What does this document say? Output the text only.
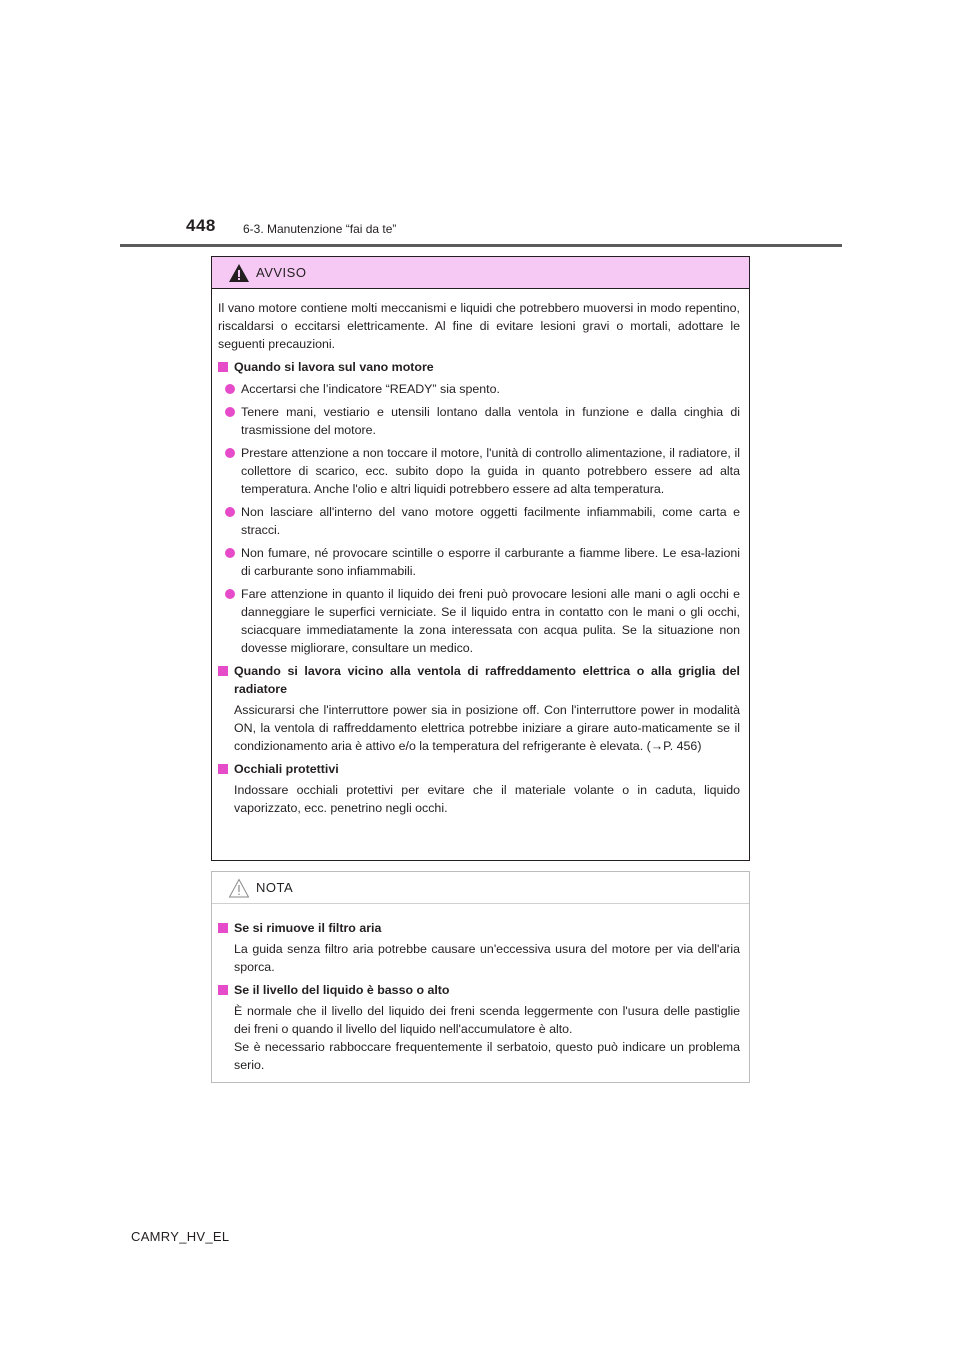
448 6-3. Manutenzione “fai da te”
AVVISO

Il vano motore contiene molti meccanismi e liquidi che potrebbero muoversi in modo repentino, riscaldarsi o eccitarsi elettricamente. Al fine di evitare lesioni gravi o mortali, adottare le seguenti precauzioni.

Quando si lavora sul vano motore
Accertarsi che l’indicatore “READY” sia spento.
Tenere mani, vestiario e utensili lontano dalla ventola in funzione e dalla cinghia di trasmissione del motore.
Prestare attenzione a non toccare il motore, l'unità di controllo alimentazione, il radiatore, il collettore di scarico, ecc. subito dopo la guida in quanto potrebbero essere ad alta temperatura. Anche l'olio e altri liquidi potrebbero essere ad alta temperatura.
Non lasciare all'interno del vano motore oggetti facilmente infiammabili, come carta e stracci.
Non fumare, né provocare scintille o esporre il carburante a fiamme libere. Le esa-lazioni di carburante sono infiammabili.
Fare attenzione in quanto il liquido dei freni può provocare lesioni alle mani o agli occhi e danneggiare le superfici verniciate. Se il liquido entra in contatto con le mani o gli occhi, sciacquare immediatamente la zona interessata con acqua pulita. Se la situazione non dovesse migliorare, consultare un medico.
Quando si lavora vicino alla ventola di raffreddamento elettrica o alla griglia del radiatore

Assicurarsi che l'interruttore power sia in posizione off. Con l'interruttore power in modalità ON, la ventola di raffreddamento elettrica potrebbe iniziare a girare auto-maticamente se il condizionamento aria è attivo e/o la temperatura del refrigerante è elevata. (→P. 456)

Occhiali protettivi

Indossare occhiali protettivi per evitare che il materiale volante o in caduta, liquido vaporizzato, ecc. penetrino negli occhi.

NOTA
Se si rimuove il filtro aria

La guida senza filtro aria potrebbe causare un'eccessiva usura del motore per via dell'aria sporca.

Se il livello del liquido è basso o alto

È normale che il livello del liquido dei freni scenda leggermente con l'usura delle pastiglie dei freni o quando il livello del liquido nell'accumulatore è alto.

Se è necessario rabboccare frequentemente il serbatoio, questo può indicare un problema serio.

CAMRY_HV_EL
